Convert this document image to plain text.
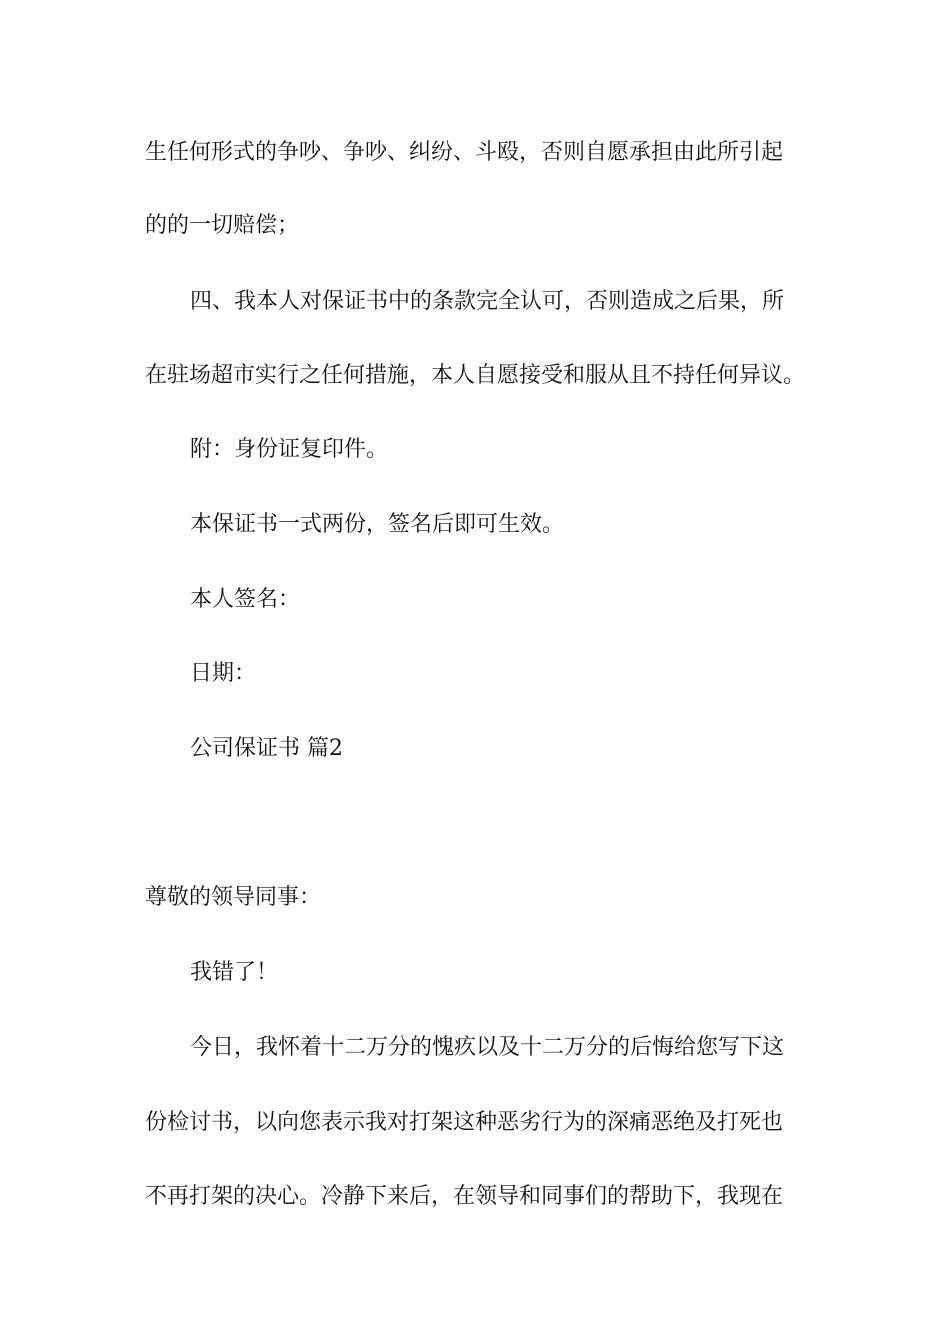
生任何形式的争吵、争吵、纠纷、斗殴，否则自愿承担由此所引起
的的一切赔偿；
四、我本人对保证书中的条款完全认可，否则造成之后果，所
在驻场超市实行之任何措施，本人自愿接受和服从且不持任何异议。
附：身份证复印件。
本保证书一式两份，签名后即可生效。
本人签名：
日期：
公司保证书 篇2
尊敬的领导同事：
我错了！
今日，我怀着十二万分的愧疚以及十二万分的后悔给您写下这
份检讨书，以向您表示我对打架这种恶劣行为的深痛恶绝及打死也
不再打架的决心。冷静下来后，在领导和同事们的帮助下，我现在
